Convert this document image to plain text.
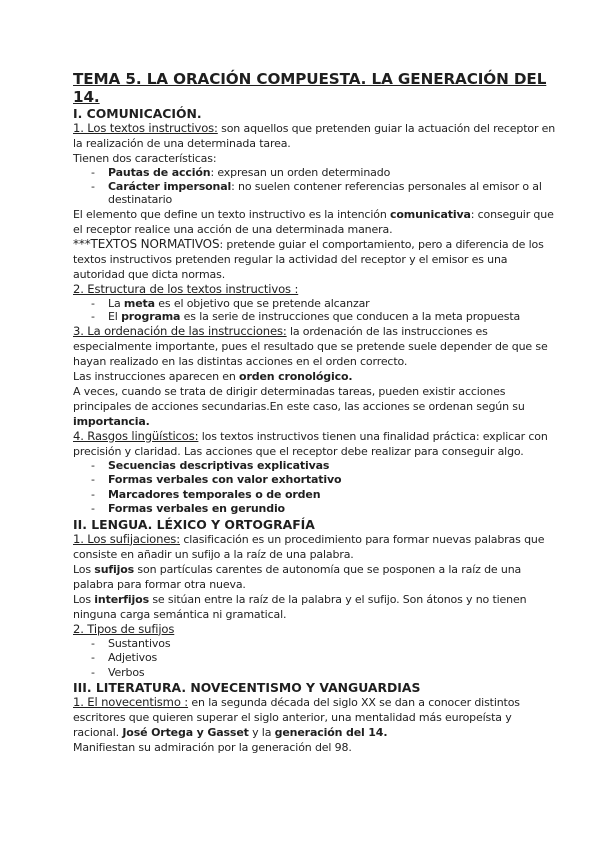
TEMA 5. LA ORACIÓN COMPUESTA. LA GENERACIÓN DEL 14.
I. COMUNICACIÓN.

1. Los textos instructivos: son aquellos que pretenden guiar la actuación del receptor en la realización de una determinada tarea.

Tienen dos características:

- Pautas de acción: expresan un orden determinado
- Carácter impersonal: no suelen contener referencias personales al emisor o al destinatario

El elemento que define un texto instructivo es la intención comunicativa: conseguir que el receptor realice una acción de una determinada manera.

***TEXTOS NORMATIVOS: pretende guiar el comportamiento, pero a diferencia de los textos instructivos pretenden regular la actividad del receptor y el emisor es una autoridad que dicta normas.

2. Estructura de los textos instructivos :

- La meta es el objetivo que se pretende alcanzar
- El programa es la serie de instrucciones que conducen a la meta propuesta

3. La ordenación de las instrucciones: la ordenación de las instrucciones es especialmente importante, pues el resultado que se pretende suele depender de que se hayan realizado en las distintas acciones en el orden correcto.

Las instrucciones aparecen en orden cronológico.

A veces, cuando se trata de dirigir determinadas tareas, pueden existir acciones principales de acciones secundarias.En este caso, las acciones se ordenan según su importancia.

4. Rasgos lingüísticos: los textos instructivos tienen una finalidad práctica: explicar con precisión y claridad. Las acciones que el receptor debe realizar para conseguir algo.

- Secuencias descriptivas explicativas
- Formas verbales con valor exhortativo
- Marcadores temporales o de orden
- Formas verbales en gerundio
II. LENGUA. LÉXICO Y ORTOGRAFÍA

1. Los sufijaciones: clasificación es un procedimiento para formar nuevas palabras que consiste en añadir un sufijo a la raíz de una palabra.

Los sufijos son partículas carentes de autonomía que se posponen a la raíz de una palabra para formar otra nueva.

Los interfijos se sitúan entre la raíz de la palabra y el sufijo. Son átonos y no tienen ninguna carga semántica ni gramatical.

2. Tipos de sufijos

- Sustantivos
- Adjetivos
- Verbos
III. LITERATURA. NOVECENTISMO Y VANGUARDIAS

1. El novecentismo : en la segunda década del siglo XX se dan a conocer distintos escritores que quieren superar el siglo anterior, una mentalidad más europeísta y racional. José Ortega y Gasset y la generación del 14.

Manifiestan su admiración por la generación del 98.
